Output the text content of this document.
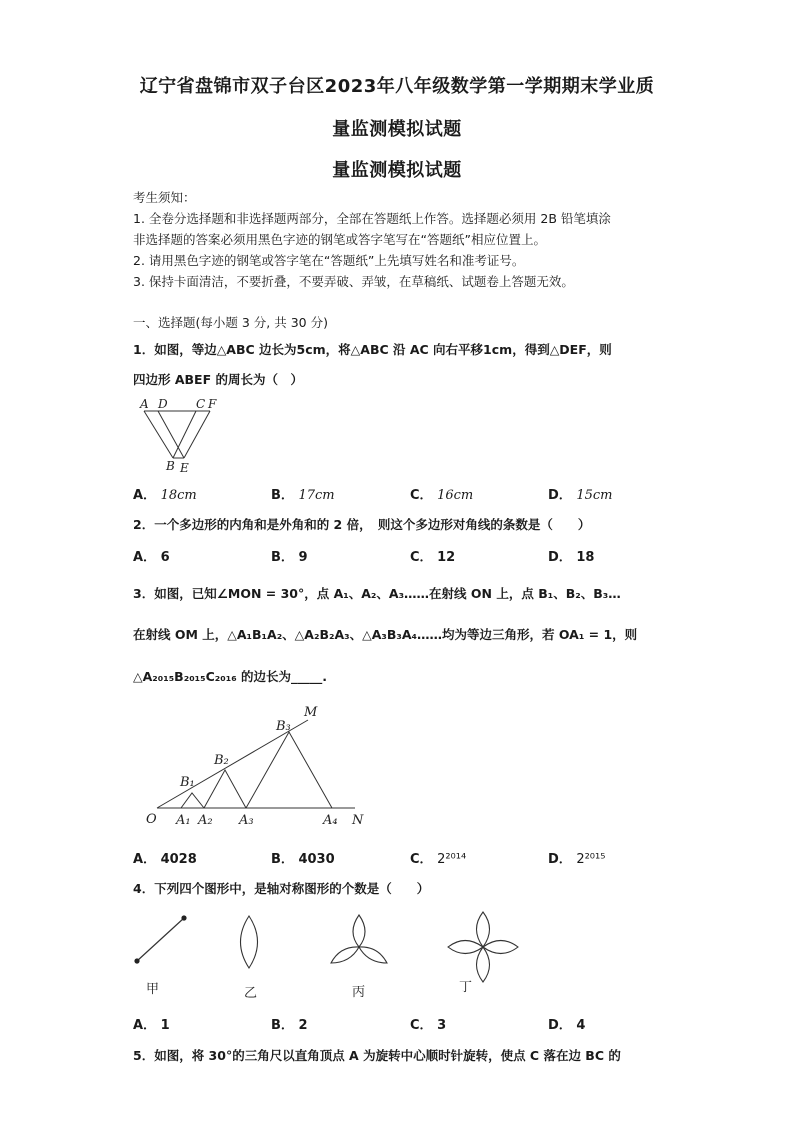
辽宁省盘锦市双子台区2023年八年级数学第一学期期末学业质
量监测模拟试题
量监测模拟试题
考生须知：
1. 全卷分选择题和非选择题两部分，全部在答题纸上作答。选择题必须用 2B 铅笔填涂
非选择题的答案必须用黑色字迹的钢笔或答字笔写在“答题纸”相应位置上。
2. 请用黑色字迹的钢笔或答字笔在“答题纸”上先填写姓名和准考证号。
3. 保持卡面清洁，不要折叠，不要弄破、弄皱，在草稿纸、试题卷上答题无效。
一、选择题(每小题 3 分, 共 30 分)
1．如图，等边△ABC 边长为5cm，将△ABC 沿 AC 向右平移1cm，得到△DEF，则
四边形 ABEF 的周长为（　）
A D C F
B E
A． 18cm	B． 17cm	C． 16cm	D． 15cm
2．一个多边形的内角和是外角和的 2 倍，　则这个多边形对角线的条数是（　　）
A． 6	B． 9	C． 12	D． 18
3．如图，已知∠MON = 30°，点 A₁、A₂、A₃……在射线 ON 上，点 B₁、B₂、B₃…
在射线 OM 上，△A₁B₁A₂、△A₂B₂A₃、△A₃B₃A₄……均为等边三角形，若 OA₁ = 1，则
△A₂₀₁₅B₂₀₁₅C₂₀₁₆ 的边长为_____.
O	N
M
A₁ A₂ A₃	A₄
B₁
B₂
B₃
A． 4028	B． 4030	C． 2²⁰¹⁴	D． 2²⁰¹⁵
4．下列四个图形中，是轴对称图形的个数是（　　）
甲	乙	丙	丁
A． 1	B． 2	C． 3	D． 4
5．如图，将 30°的三角尺以直角顶点 A 为旋转中心顺时针旋转，使点 C 落在边 BC 的
